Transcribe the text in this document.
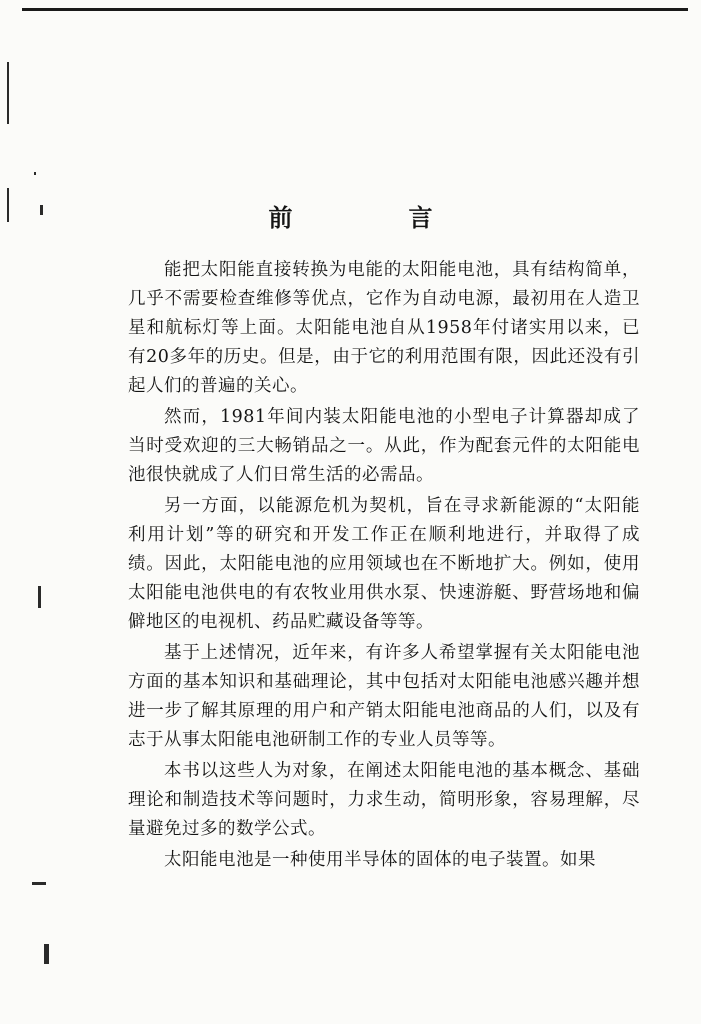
前　言

能把太阳能直接转换为电能的太阳能电池，具有结构简单，几乎不需要检查维修等优点，它作为自动电源，最初用在人造卫星和航标灯等上面。太阳能电池自从1958年付诸实用以来，已有20多年的历史。但是，由于它的利用范围有限，因此还没有引起人们的普遍的关心。

然而，1981年间内装太阳能电池的小型电子计算器却成了当时受欢迎的三大畅销品之一。从此，作为配套元件的太阳能电池很快就成了人们日常生活的必需品。

另一方面，以能源危机为契机，旨在寻求新能源的“太阳能利用计划”等的研究和开发工作正在顺利地进行，并取得了成绩。因此，太阳能电池的应用领域也在不断地扩大。例如，使用太阳能电池供电的有农牧业用供水泵、快速游艇、野营场地和偏僻地区的电视机、药品贮藏设备等等。

基于上述情况，近年来，有许多人希望掌握有关太阳能电池方面的基本知识和基础理论，其中包括对太阳能电池感兴趣并想进一步了解其原理的用户和产销太阳能电池商品的人们，以及有志于从事太阳能电池研制工作的专业人员等等。

本书以这些人为对象，在阐述太阳能电池的基本概念、基础理论和制造技术等问题时，力求生动，简明形象，容易理解，尽量避免过多的数学公式。

太阳能电池是一种使用半导体的固体的电子装置。如果
